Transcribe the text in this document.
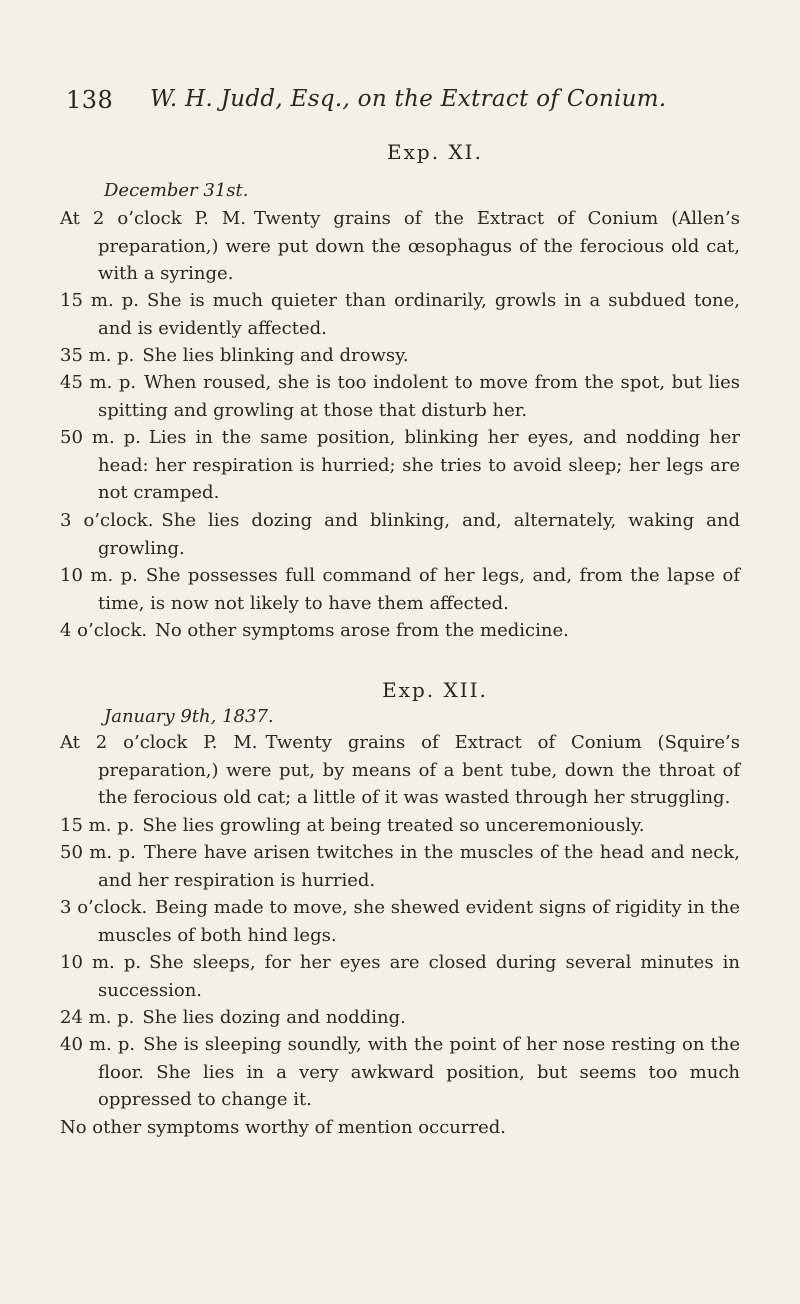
138 W. H. Judd, Esq., on the Extract of Conium.
Exp. XI.
December 31st.
At 2 o’clock P. M. Twenty grains of the Extract of Conium (Allen’s preparation,) were put down the œsophagus of the ferocious old cat, with a syringe.
15 m. p. She is much quieter than ordinarily, growls in a subdued tone, and is evidently affected.
35 m. p. She lies blinking and drowsy.
45 m. p. When roused, she is too indolent to move from the spot, but lies spitting and growling at those that disturb her.
50 m. p. Lies in the same position, blinking her eyes, and nodding her head: her respiration is hurried; she tries to avoid sleep; her legs are not cramped.
3 o’clock. She lies dozing and blinking, and, alternately, waking and growling.
10 m. p. She possesses full command of her legs, and, from the lapse of time, is now not likely to have them affected.
4 o’clock. No other symptoms arose from the medicine.
Exp. XII.
January 9th, 1837.
At 2 o’clock P. M. Twenty grains of Extract of Conium (Squire’s preparation,) were put, by means of a bent tube, down the throat of the ferocious old cat; a little of it was wasted through her struggling.
15 m. p. She lies growling at being treated so unceremoniously.
50 m. p. There have arisen twitches in the muscles of the head and neck, and her respiration is hurried.
3 o’clock. Being made to move, she shewed evident signs of rigidity in the muscles of both hind legs.
10 m. p. She sleeps, for her eyes are closed during several minutes in succession.
24 m. p. She lies dozing and nodding.
40 m. p. She is sleeping soundly, with the point of her nose resting on the floor. She lies in a very awkward position, but seems too much oppressed to change it.
No other symptoms worthy of mention occurred.
